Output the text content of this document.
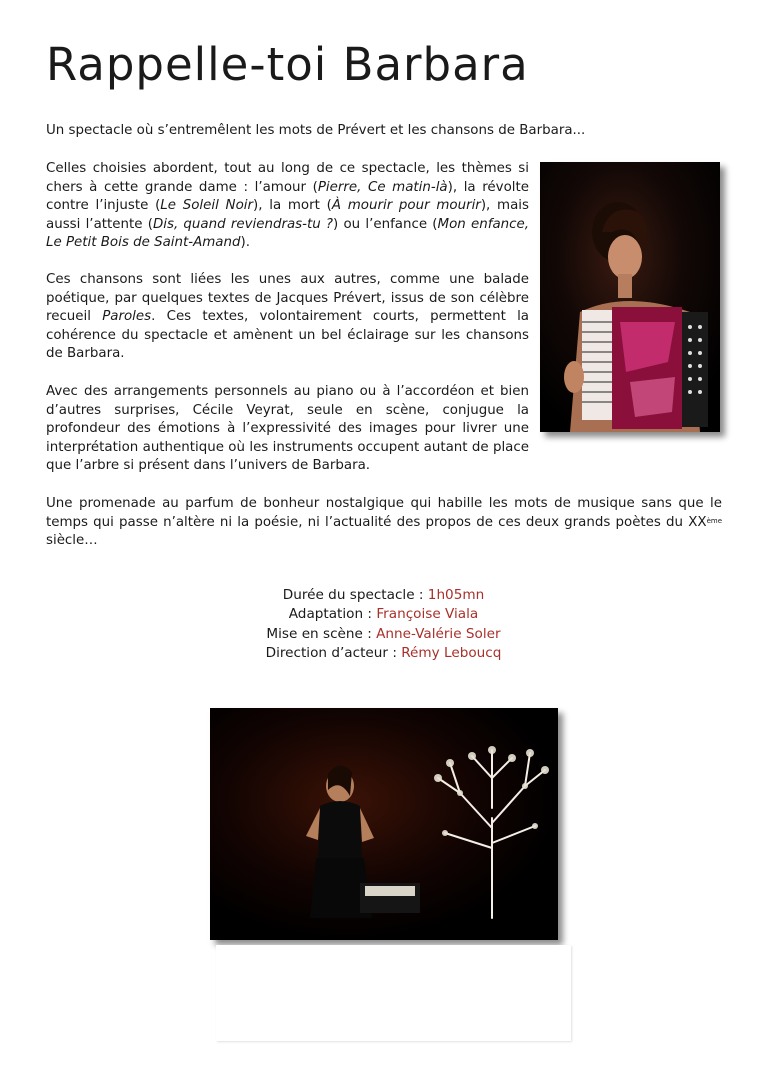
Rappelle-toi Barbara

Un spectacle où s’entremêlent les mots de Prévert et les chansons de Barbara...

Celles choisies abordent, tout au long de ce spectacle, les thèmes si chers à cette grande dame : l’amour (Pierre, Ce matin-là), la révolte contre l’injuste (Le Soleil Noir), la mort (À mourir pour mourir), mais aussi l’attente (Dis, quand reviendras-tu ?) ou l’enfance (Mon enfance, Le Petit Bois de Saint-Amand).

Ces chansons sont liées les unes aux autres, comme une balade poétique, par quelques textes de Jacques Prévert, issus de son célèbre recueil Paroles. Ces textes, volontairement courts, permettent la cohérence du spectacle et amènent un bel éclairage sur les chansons de Barbara.

Avec des arrangements personnels au piano ou à l’accordéon et bien d’autres surprises, Cécile Veyrat, seule en scène, conjugue la profondeur des émotions à l’expressivité des images pour livrer une interprétation authentique où les instruments occupent autant de place que l’arbre si présent dans l’univers de Barbara.

Une promenade au parfum de bonheur nostalgique qui habille les mots de musique sans que le temps qui passe n’altère ni la poésie, ni l’actualité des propos de ces deux grands poètes du XXème siècle…

Durée du spectacle : 1h05mn
Adaptation : Françoise Viala
Mise en scène : Anne-Valérie Soler
Direction d’acteur : Rémy Leboucq
